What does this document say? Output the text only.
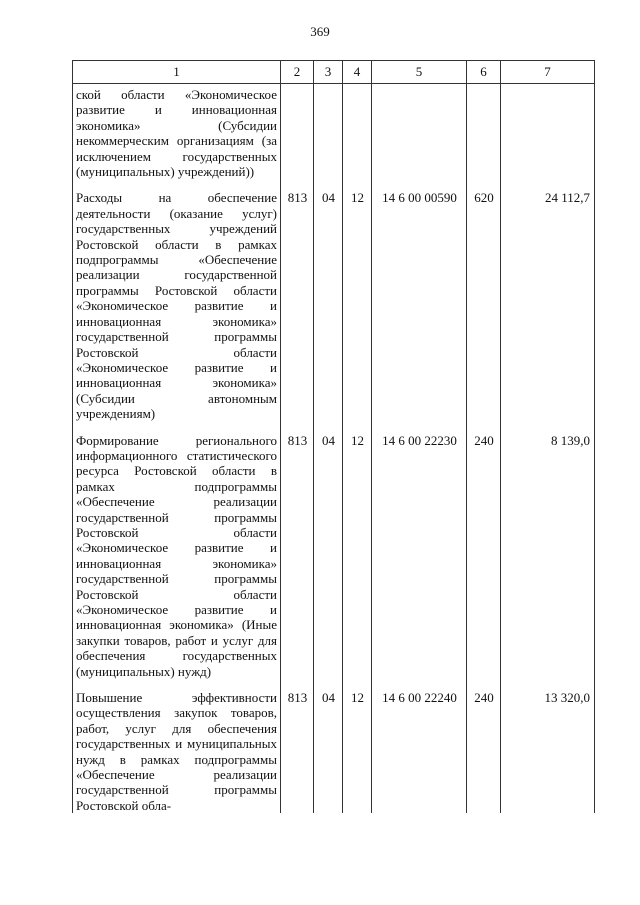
369
1	2	3	4	5	6	7
ской области «Экономическое развитие и инновационная экономика» (Субсидии некоммерческим организациям (за исключением государственных (муниципальных) учреждений))						
Расходы на обеспечение деятельности (оказание услуг) государственных учреждений Ростовской области в рамках подпрограммы «Обеспечение реализации государственной программы Ростовской области «Экономическое развитие и инновационная экономика» государственной программы Ростовской области «Экономическое развитие и инновационная экономика» (Субсидии автономным учреждениям)	813	04	12	14 6 00 00590	620	24 112,7
Формирование регионального информационного статистического ресурса Ростовской области в рамках подпрограммы «Обеспечение реализации государственной программы Ростовской области «Экономическое развитие и инновационная экономика» государственной программы Ростовской области «Экономическое развитие и инновационная экономика» (Иные закупки товаров, работ и услуг для обеспечения государственных (муниципальных) нужд)	813	04	12	14 6 00 22230	240	8 139,0
Повышение эффективности осуществления закупок товаров, работ, услуг для обеспечения государственных и муниципальных нужд в рамках подпрограммы «Обеспечение реализации государственной программы Ростовской обла-	813	04	12	14 6 00 22240	240	13 320,0
